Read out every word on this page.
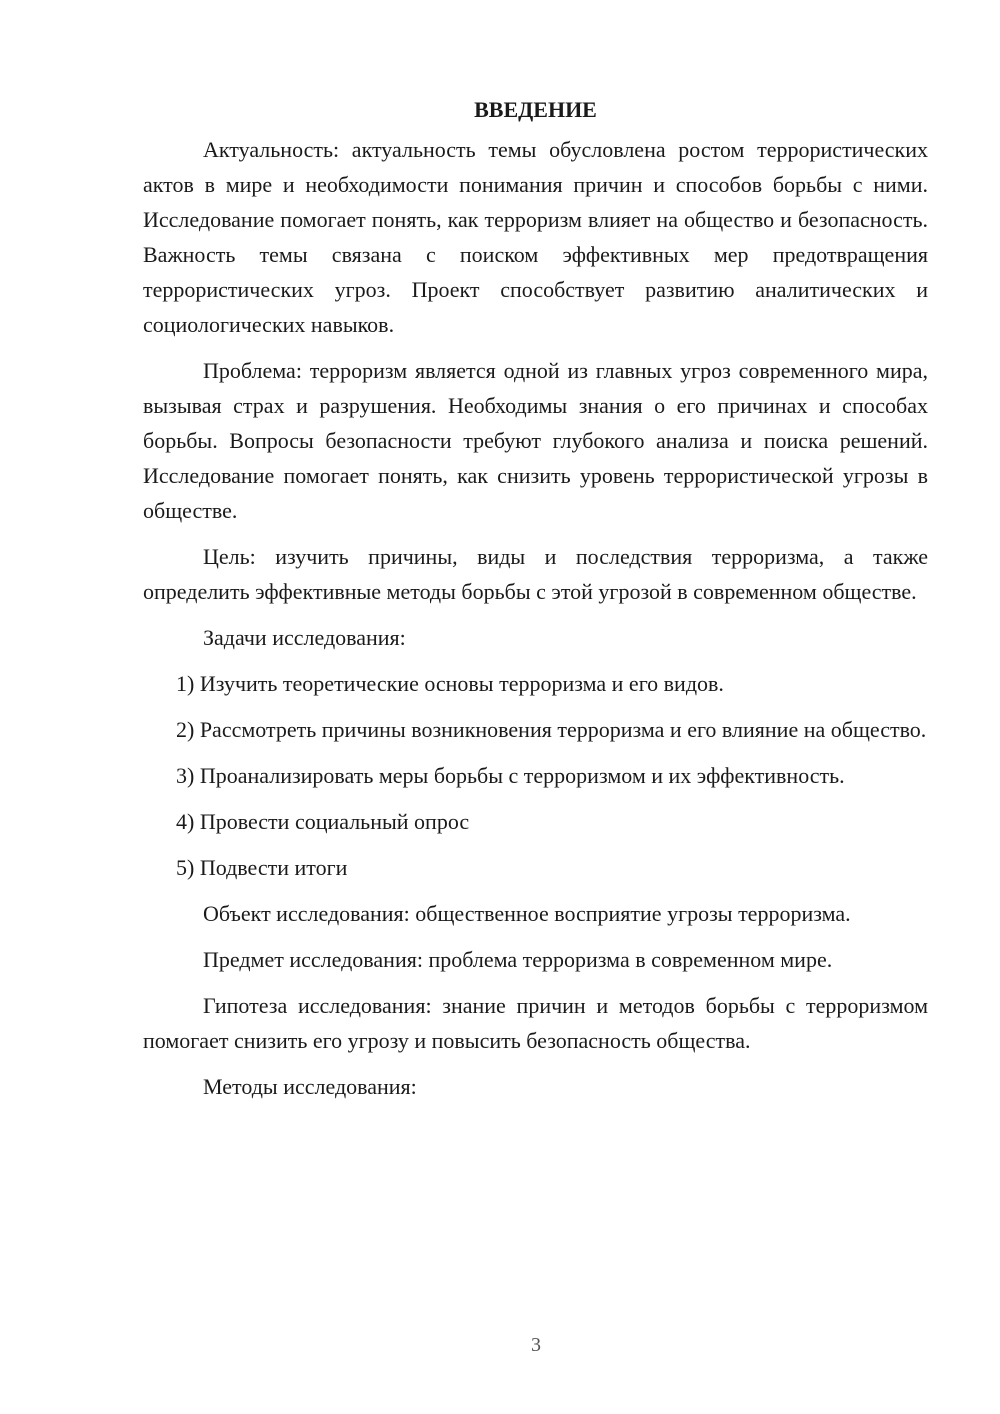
ВВЕДЕНИЕ

Актуальность: актуальность темы обусловлена ростом террористических актов в мире и необходимости понимания причин и способов борьбы с ними. Исследование помогает понять, как терроризм влияет на общество и безопасность. Важность темы связана с поиском эффективных мер предотвращения террористических угроз. Проект способствует развитию аналитических и социологических навыков.

Проблема: терроризм является одной из главных угроз современного мира, вызывая страх и разрушения. Необходимы знания о его причинах и способах борьбы. Вопросы безопасности требуют глубокого анализа и поиска решений. Исследование помогает понять, как снизить уровень террористической угрозы в обществе.

Цель: изучить причины, виды и последствия терроризма, а также определить эффективные методы борьбы с этой угрозой в современном обществе.

Задачи исследования:

1) Изучить теоретические основы терроризма и его видов.

2) Рассмотреть причины возникновения терроризма и его влияние на общество.

3) Проанализировать меры борьбы с терроризмом и их эффективность.

4) Провести социальный опрос

5) Подвести итоги

Объект исследования: общественное восприятие угрозы терроризма.

Предмет исследования: проблема терроризма в современном мире.

Гипотеза исследования: знание причин и методов борьбы с терроризмом помогает снизить его угрозу и повысить безопасность общества.

Методы исследования:

3
